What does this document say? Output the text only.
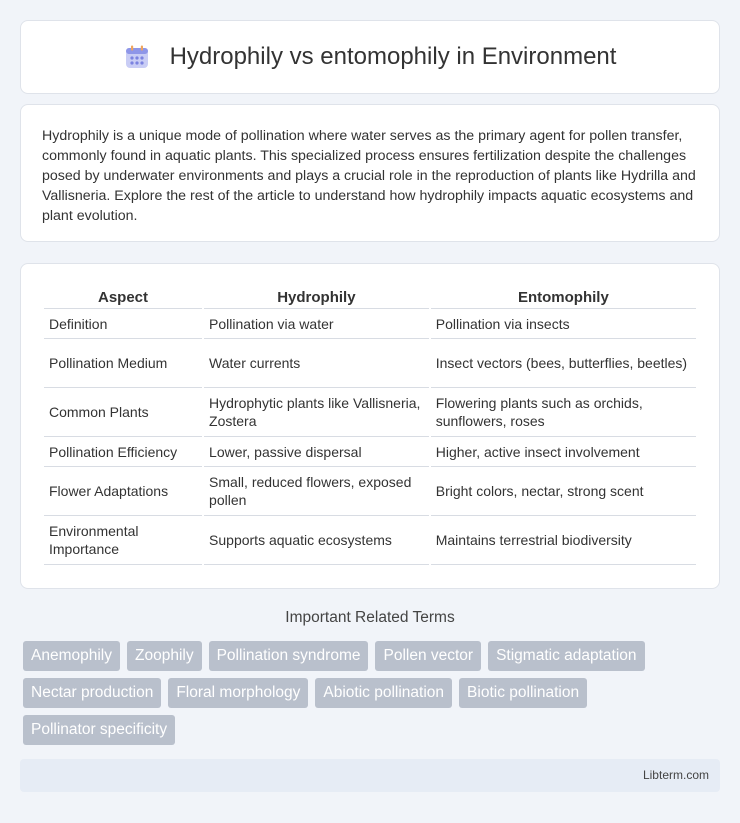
Hydrophily vs entomophily in Environment

Hydrophily is a unique mode of pollination where water serves as the primary agent for pollen transfer, commonly found in aquatic plants. This specialized process ensures fertilization despite the challenges posed by underwater environments and plays a crucial role in the reproduction of plants like Hydrilla and Vallisneria. Explore the rest of the article to understand how hydrophily impacts aquatic ecosystems and plant evolution.

Aspect	Hydrophily	Entomophily
Definition	Pollination via water	Pollination via insects
Pollination Medium	Water currents	Insect vectors (bees, butterflies, beetles)
Common Plants	Hydrophytic plants like Vallisneria, Zostera	Flowering plants such as orchids, sunflowers, roses
Pollination Efficiency	Lower, passive dispersal	Higher, active insect involvement
Flower Adaptations	Small, reduced flowers, exposed pollen	Bright colors, nectar, strong scent
Environmental Importance	Supports aquatic ecosystems	Maintains terrestrial biodiversity
Important Related Terms
Anemophily	Zoophily	Pollination syndrome	Pollen vector	Stigmatic adaptation
Nectar production	Floral morphology	Abiotic pollination	Biotic pollination
Pollinator specificity
Libterm.com
